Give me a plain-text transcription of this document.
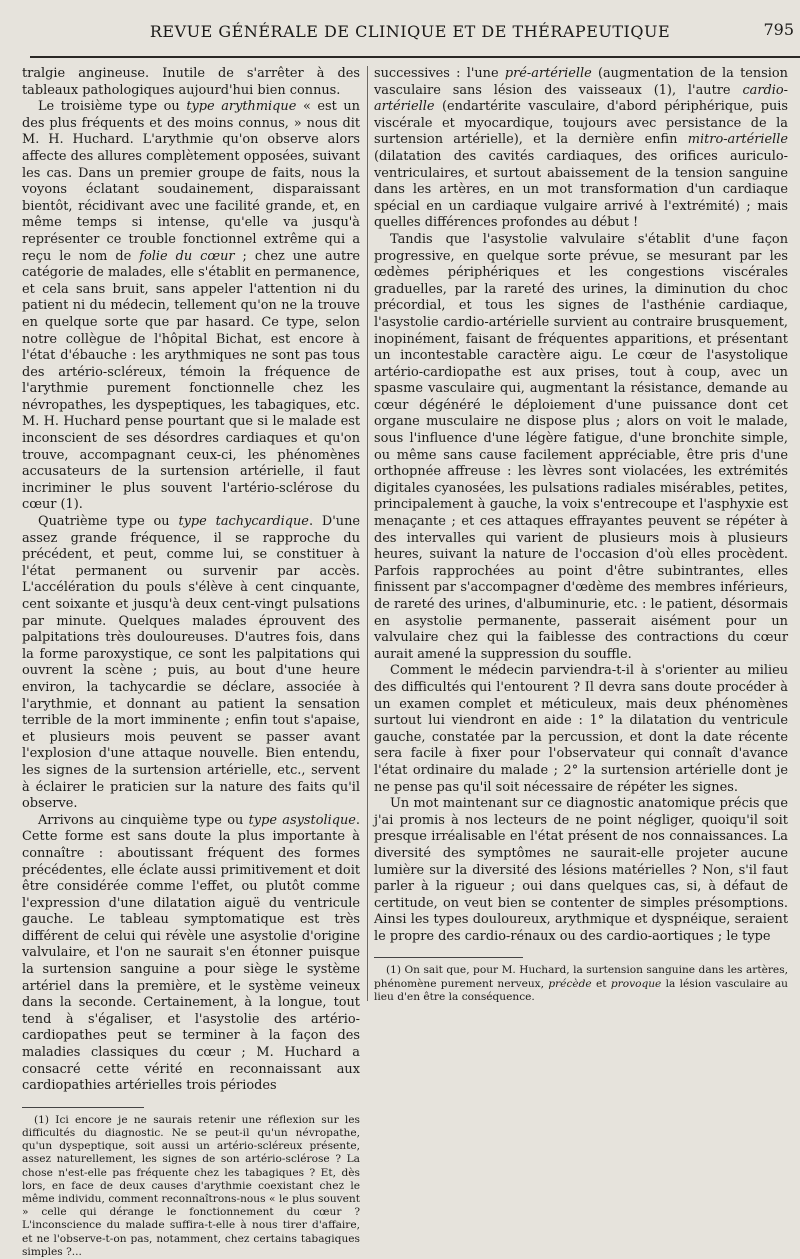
REVUE GÉNÉRALE DE CLINIQUE ET DE THÉRAPEUTIQUE	795

tralgie angineuse. Inutile de s'arrêter à des tableaux pathologiques aujourd'hui bien connus.

Le troisième type ou type arythmique « est un des plus fréquents et des moins connus, » nous dit M. H. Huchard. L'arythmie qu'on observe alors affecte des allures complètement opposées, suivant les cas. Dans un premier groupe de faits, nous la voyons éclatant soudainement, disparaissant bientôt, récidivant avec une facilité grande, et, en même temps si intense, qu'elle va jusqu'à représenter ce trouble fonctionnel extrême qui a reçu le nom de folie du cœur ; chez une autre catégorie de malades, elle s'établit en permanence, et cela sans bruit, sans appeler l'attention ni du patient ni du médecin, tellement qu'on ne la trouve en quelque sorte que par hasard. Ce type, selon notre collègue de l'hôpital Bichat, est encore à l'état d'ébauche : les arythmiques ne sont pas tous des artério-scléreux, témoin la fréquence de l'arythmie purement fonctionnelle chez les névropathes, les dyspeptiques, les tabagiques, etc. M. H. Huchard pense pourtant que si le malade est inconscient de ses désordres cardiaques et qu'on trouve, accompagnant ceux-ci, les phénomènes accusateurs de la surtension artérielle, il faut incriminer le plus souvent l'artério-sclérose du cœur (1).

Quatrième type ou type tachycardique. D'une assez grande fréquence, il se rapproche du précédent, et peut, comme lui, se constituer à l'état permanent ou survenir par accès. L'accélération du pouls s'élève à cent cinquante, cent soixante et jusqu'à deux cent-vingt pulsations par minute. Quelques malades éprouvent des palpitations très douloureuses. D'autres fois, dans la forme paroxystique, ce sont les palpitations qui ouvrent la scène ; puis, au bout d'une heure environ, la tachycardie se déclare, associée à l'arythmie, et donnant au patient la sensation terrible de la mort imminente ; enfin tout s'apaise, et plusieurs mois peuvent se passer avant l'explosion d'une attaque nouvelle. Bien entendu, les signes de la surtension artérielle, etc., servent à éclairer le praticien sur la nature des faits qu'il observe.

Arrivons au cinquième type ou type asystolique. Cette forme est sans doute la plus importante à connaître : aboutissant fréquent des formes précédentes, elle éclate aussi primitivement et doit être considérée comme l'effet, ou plutôt comme l'expression d'une dilatation aiguë du ventricule gauche. Le tableau symptomatique est très différent de celui qui révèle une asystolie d'origine valvulaire, et l'on ne saurait s'en étonner puisque la surtension sanguine a pour siège le système artériel dans la première, et le système veineux dans la seconde. Certainement, à la longue, tout tend à s'égaliser, et l'asystolie des artério-cardiopathes peut se terminer à la façon des maladies classiques du cœur ; M. Huchard a consacré cette vérité en reconnaissant aux cardiopathies artérielles trois périodes

(1) Ici encore je ne saurais retenir une réflexion sur les difficultés du diagnostic. Ne se peut-il qu'un névropathe, qu'un dyspeptique, soit aussi un artério-scléreux présente, assez naturellement, les signes de son artério-sclérose ? La chose n'est-elle pas fréquente chez les tabagiques ? Et, dès lors, en face de deux causes d'arythmie coexistant chez le même individu, comment reconnaîtrons-nous « le plus souvent » celle qui dérange le fonctionnement du cœur ? L'inconscience du malade suffira-t-elle à nous tirer d'affaire, et ne l'observe-t-on pas, notamment, chez certains tabagiques simples ?...

successives : l'une pré-artérielle (augmentation de la tension vasculaire sans lésion des vaisseaux (1), l'autre cardio-artérielle (endartérite vasculaire, d'abord périphérique, puis viscérale et myocardique, toujours avec persistance de la surtension artérielle), et la dernière enfin mitro-artérielle (dilatation des cavités cardiaques, des orifices auriculo-ventriculaires, et surtout abaissement de la tension sanguine dans les artères, en un mot transformation d'un cardiaque spécial en un cardiaque vulgaire arrivé à l'extrémité) ; mais quelles différences profondes au début !

Tandis que l'asystolie valvulaire s'établit d'une façon progressive, en quelque sorte prévue, se mesurant par les œdèmes périphériques et les congestions viscérales graduelles, par la rareté des urines, la diminution du choc précordial, et tous les signes de l'asthénie cardiaque, l'asystolie cardio-artérielle survient au contraire brusquement, inopinément, faisant de fréquentes apparitions, et présentant un incontestable caractère aigu. Le cœur de l'asystolique artério-cardiopathe est aux prises, tout à coup, avec un spasme vasculaire qui, augmentant la résistance, demande au cœur dégénéré le déploiement d'une puissance dont cet organe musculaire ne dispose plus ; alors on voit le malade, sous l'influence d'une légère fatigue, d'une bronchite simple, ou même sans cause facilement appréciable, être pris d'une orthopnée affreuse : les lèvres sont violacées, les extrémités digitales cyanosées, les pulsations radiales misérables, petites, principalement à gauche, la voix s'entrecoupe et l'asphyxie est menaçante ; et ces attaques effrayantes peuvent se répéter à des intervalles qui varient de plusieurs mois à plusieurs heures, suivant la nature de l'occasion d'où elles procèdent. Parfois rapprochées au point d'être subintrantes, elles finissent par s'accompagner d'œdème des membres inférieurs, de rareté des urines, d'albuminurie, etc. : le patient, désormais en asystolie permanente, passerait aisément pour un valvulaire chez qui la faiblesse des contractions du cœur aurait amené la suppression du souffle.

Comment le médecin parviendra-t-il à s'orienter au milieu des difficultés qui l'entourent ? Il devra sans doute procéder à un examen complet et méticuleux, mais deux phénomènes surtout lui viendront en aide : 1° la dilatation du ventricule gauche, constatée par la percussion, et dont la date récente sera facile à fixer pour l'observateur qui connaît d'avance l'état ordinaire du malade ; 2° la surtension artérielle dont je ne pense pas qu'il soit nécessaire de répéter les signes.

Un mot maintenant sur ce diagnostic anatomique précis que j'ai promis à nos lecteurs de ne point négliger, quoiqu'il soit presque irréalisable en l'état présent de nos connaissances. La diversité des symptômes ne saurait-elle projeter aucune lumière sur la diversité des lésions matérielles ? Non, s'il faut parler à la rigueur ; oui dans quelques cas, si, à défaut de certitude, on veut bien se contenter de simples présomptions. Ainsi les types douloureux, arythmique et dyspnéique, seraient le propre des cardio-rénaux ou des cardio-aortiques ; le type

(1) On sait que, pour M. Huchard, la surtension sanguine dans les artères, phénomène purement nerveux, précède et provoque la lésion vasculaire au lieu d'en être la conséquence.
